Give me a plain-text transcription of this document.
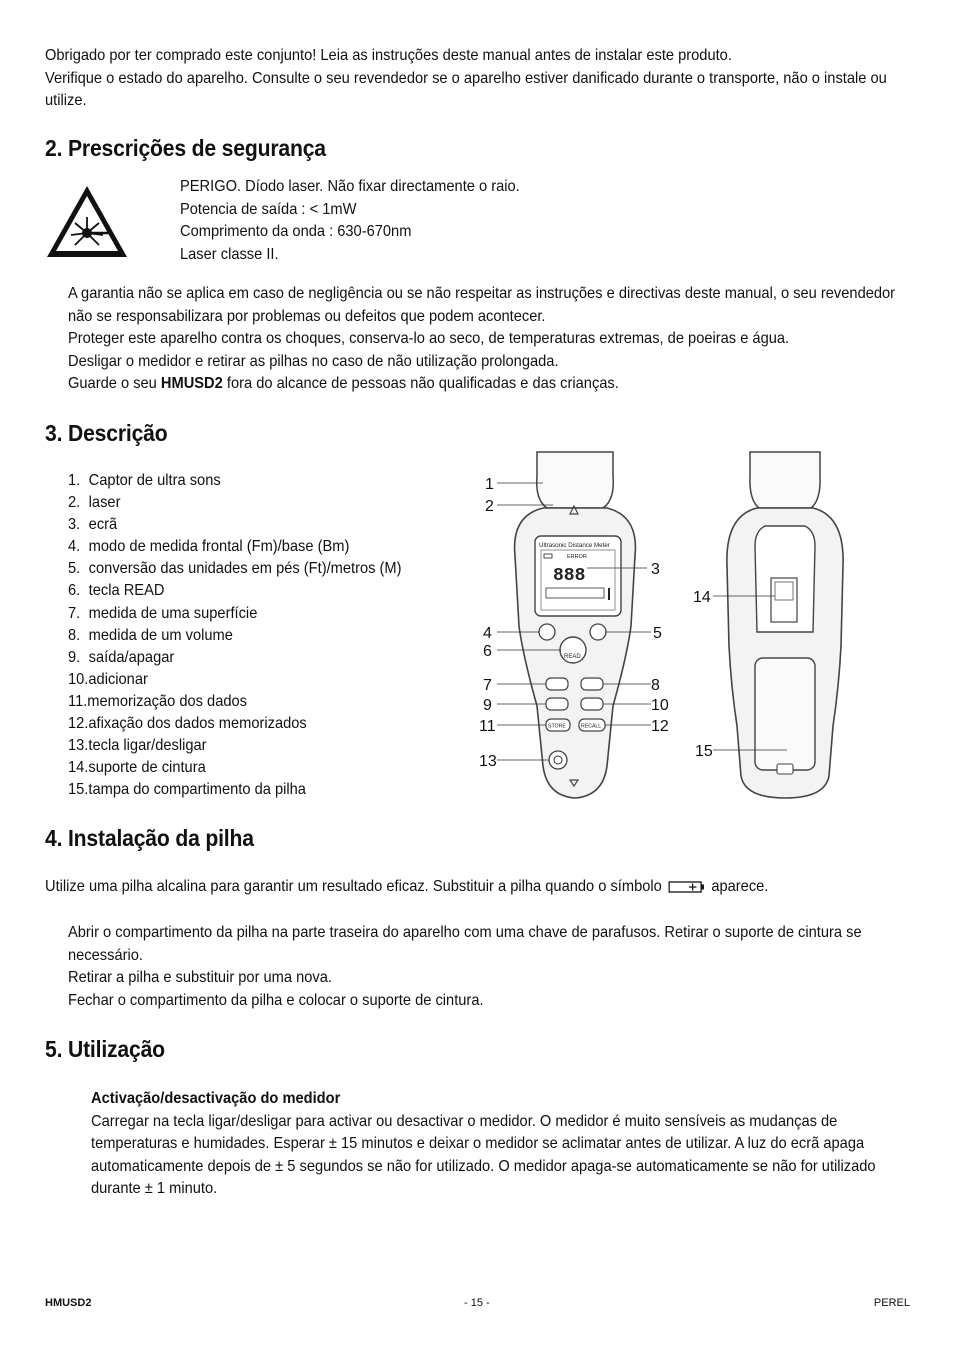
Obrigado por ter comprado este conjunto! Leia as instruções deste manual antes de instalar este produto.

Verifique o estado do aparelho. Consulte o seu revendedor se o aparelho estiver danificado durante o transporte, não o instale ou utilize.

2. Prescrições de segurança
PERIGO. Díodo laser. Não fixar directamente o raio.
Potencia de saída : < 1mW
Comprimento da onda : 630-670nm
Laser classe II.

A garantia não se aplica em caso de negligência ou se não respeitar as instruções e directivas deste manual, o seu revendedor não se responsabilizara por problemas ou defeitos que podem acontecer.

Proteger este aparelho contra os choques, conserva-lo ao seco, de temperaturas extremas, de poeiras e água.

Desligar o medidor e retirar as pilhas no caso de não utilização prolongada.

Guarde o seu HMUSD2 fora do alcance de pessoas não qualificadas e das crianças.

3. Descrição
1. Captor de ultra sons
2. laser
3. ecrã
4. modo de medida frontal (Fm)/base (Bm)
5. conversão das unidades em pés (Ft)/metros (M)
6. tecla READ
7. medida de uma superfície
8. medida de um volume
9. saída/apagar
10.adicionar
11.memorização dos dados
12.afixação dos dados memorizados
13.tecla ligar/desligar
14.suporte de cintura
15.tampa do compartimento da pilha
Ultrasonic Distance Meter
ERROR
888
READ
STORE	RECALL
1
2
3
4	5
6
7	8
9	10
11	12
13
14
15
4. Instalação da pilha
Utilize uma pilha alcalina para garantir um resultado eficaz. Substituir a pilha quando o símbolo	aparece.

Abrir o compartimento da pilha na parte traseira do aparelho com uma chave de parafusos. Retirar o suporte de cintura se necessário.

Retirar a pilha e substituir por uma nova.

Fechar o compartimento da pilha e colocar o suporte de cintura.

5. Utilização

Activação/desactivação do medidor

Carregar na tecla ligar/desligar para activar ou desactivar o medidor. O medidor é muito sensíveis as mudanças de temperaturas e humidades. Esperar ± 15 minutos e deixar o medidor se aclimatar antes de utilizar. A luz do ecrã apaga automaticamente depois de ± 5 segundos se não for utilizado. O medidor apaga-se automaticamente se não for utilizado durante ± 1 minuto.

HMUSD2	- 15 -	PEREL
